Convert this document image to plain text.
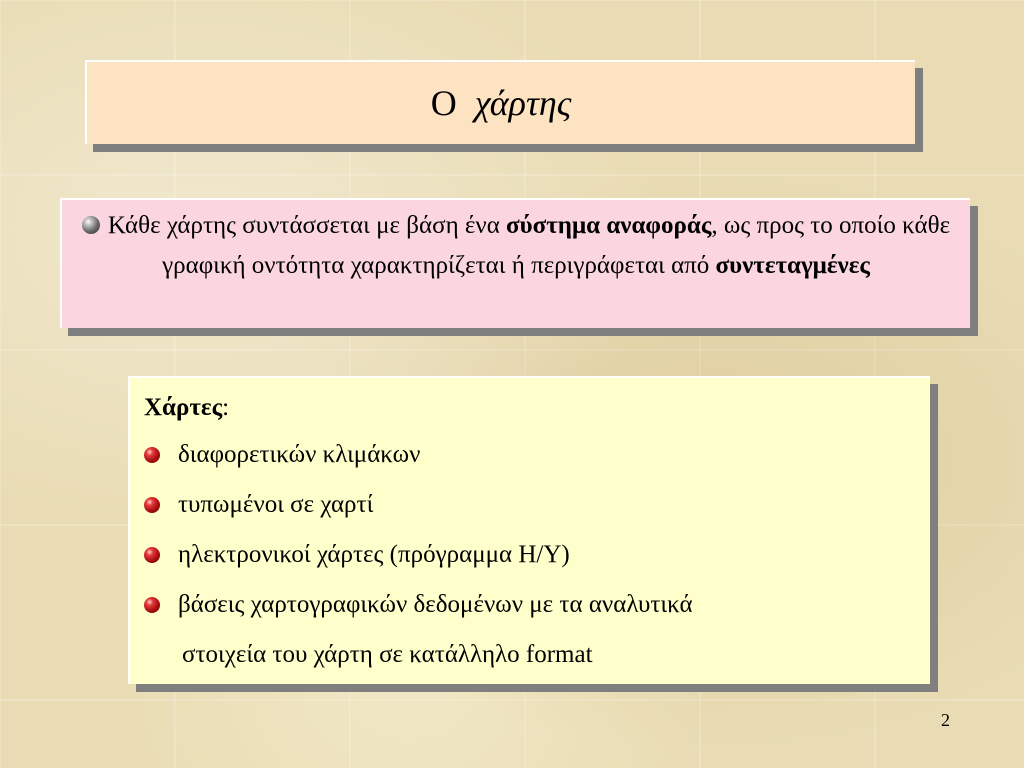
Ο χάρτης
Κάθε χάρτης συντάσσεται με βάση ένα σύστημα αναφοράς, ως προς το οποίο κάθε γραφική οντότητα χαρακτηρίζεται ή περιγράφεται από συντεταγμένες
Χάρτες:
διαφορετικών κλιμάκων
τυπωμένοι σε χαρτί
ηλεκτρονικοί χάρτες (πρόγραμμα Η/Υ)
βάσεις χαρτογραφικών δεδομένων με τα αναλυτικά
στοιχεία του χάρτη σε κατάλληλο format
2
